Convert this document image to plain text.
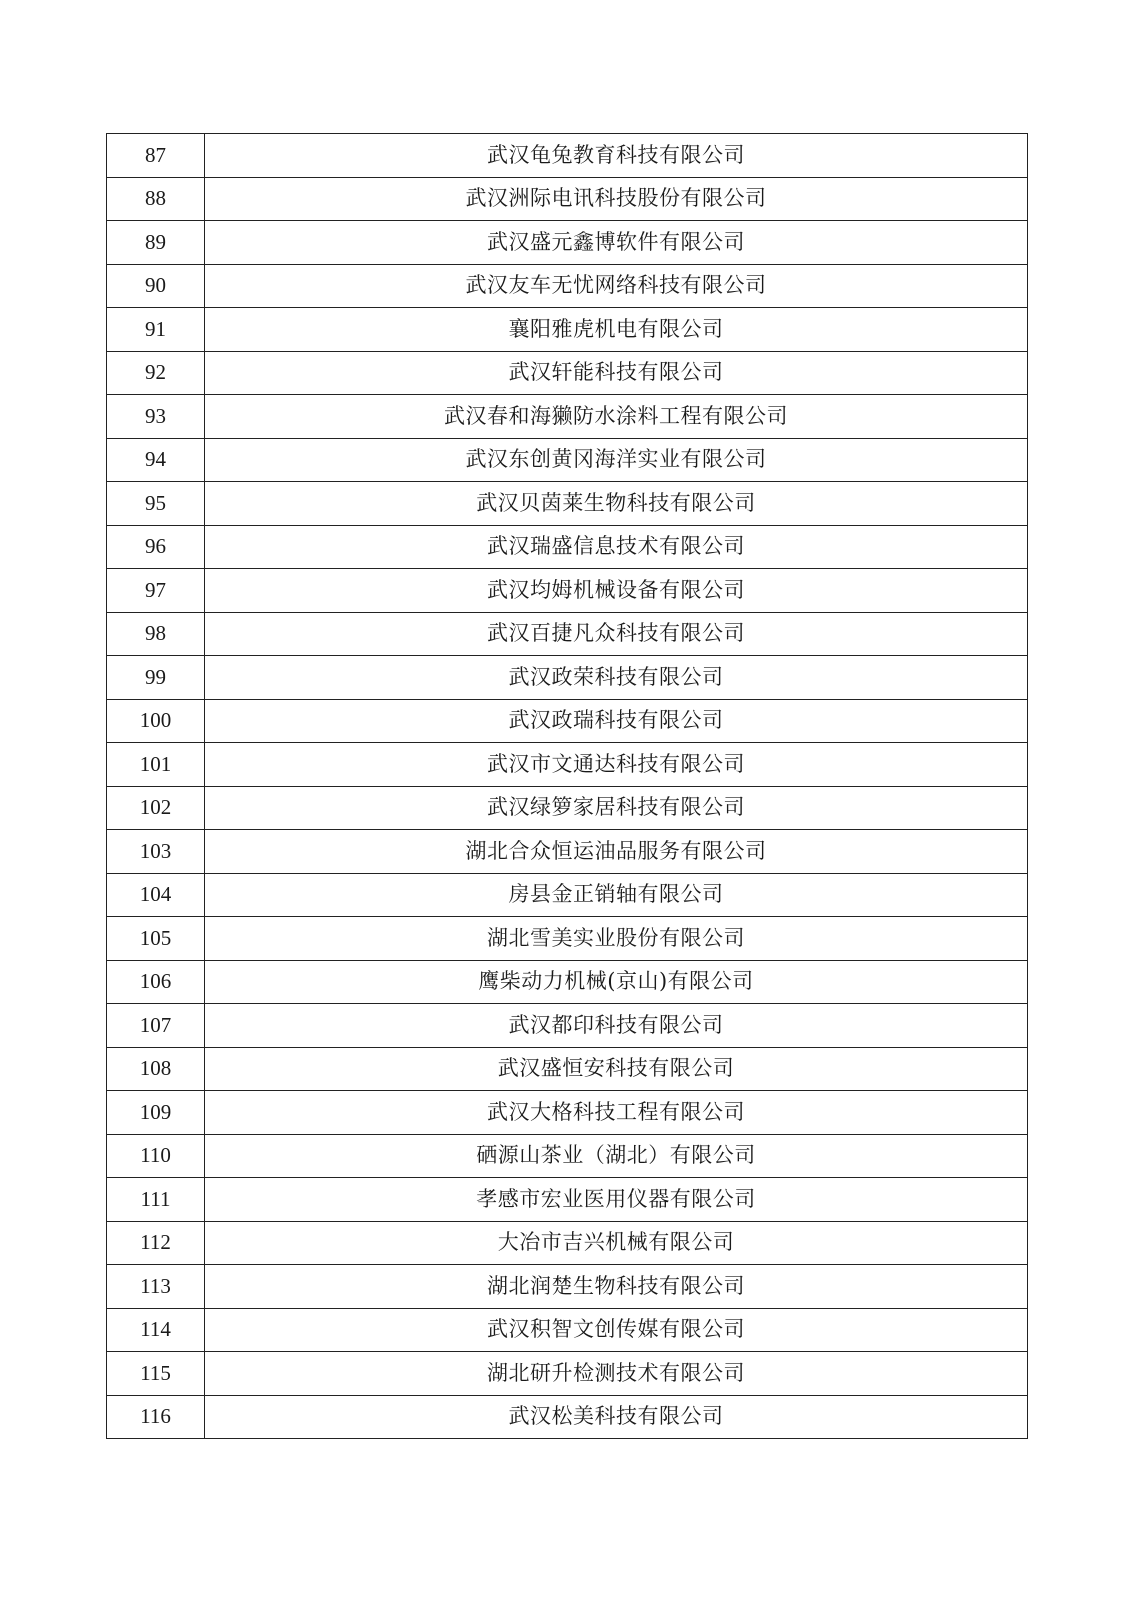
87	武汉龟兔教育科技有限公司
88	武汉洲际电讯科技股份有限公司
89	武汉盛元鑫博软件有限公司
90	武汉友车无忧网络科技有限公司
91	襄阳雅虎机电有限公司
92	武汉轩能科技有限公司
93	武汉春和海獭防水涂料工程有限公司
94	武汉东创黄冈海洋实业有限公司
95	武汉贝茵莱生物科技有限公司
96	武汉瑞盛信息技术有限公司
97	武汉均姆机械设备有限公司
98	武汉百捷凡众科技有限公司
99	武汉政荣科技有限公司
100	武汉政瑞科技有限公司
101	武汉市文通达科技有限公司
102	武汉绿箩家居科技有限公司
103	湖北合众恒运油品服务有限公司
104	房县金正销轴有限公司
105	湖北雪美实业股份有限公司
106	鹰柴动力机械(京山)有限公司
107	武汉都印科技有限公司
108	武汉盛恒安科技有限公司
109	武汉大格科技工程有限公司
110	硒源山茶业（湖北）有限公司
111	孝感市宏业医用仪器有限公司
112	大冶市吉兴机械有限公司
113	湖北润楚生物科技有限公司
114	武汉积智文创传媒有限公司
115	湖北研升检测技术有限公司
116	武汉松美科技有限公司
